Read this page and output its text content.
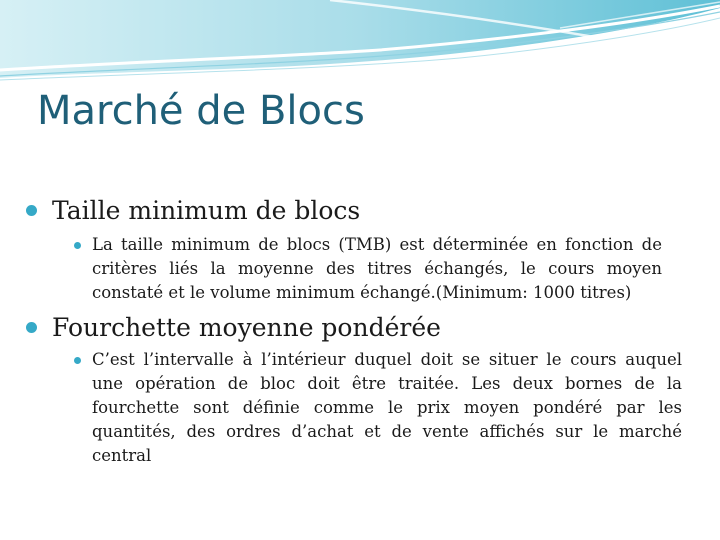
Marché de Blocs
Taille minimum de blocs
La taille minimum de blocs (TMB) est déterminée en fonction de critères liés la moyenne des titres échangés, le cours moyen constaté et le volume minimum échangé.(Minimum: 1000 titres)
Fourchette moyenne pondérée
C’est l’intervalle à l’intérieur duquel doit se situer le cours auquel une opération de bloc doit être traitée. Les deux bornes de la fourchette sont définie comme le prix moyen pondéré par les quantités, des ordres d’achat et de vente affichés sur le marché central
